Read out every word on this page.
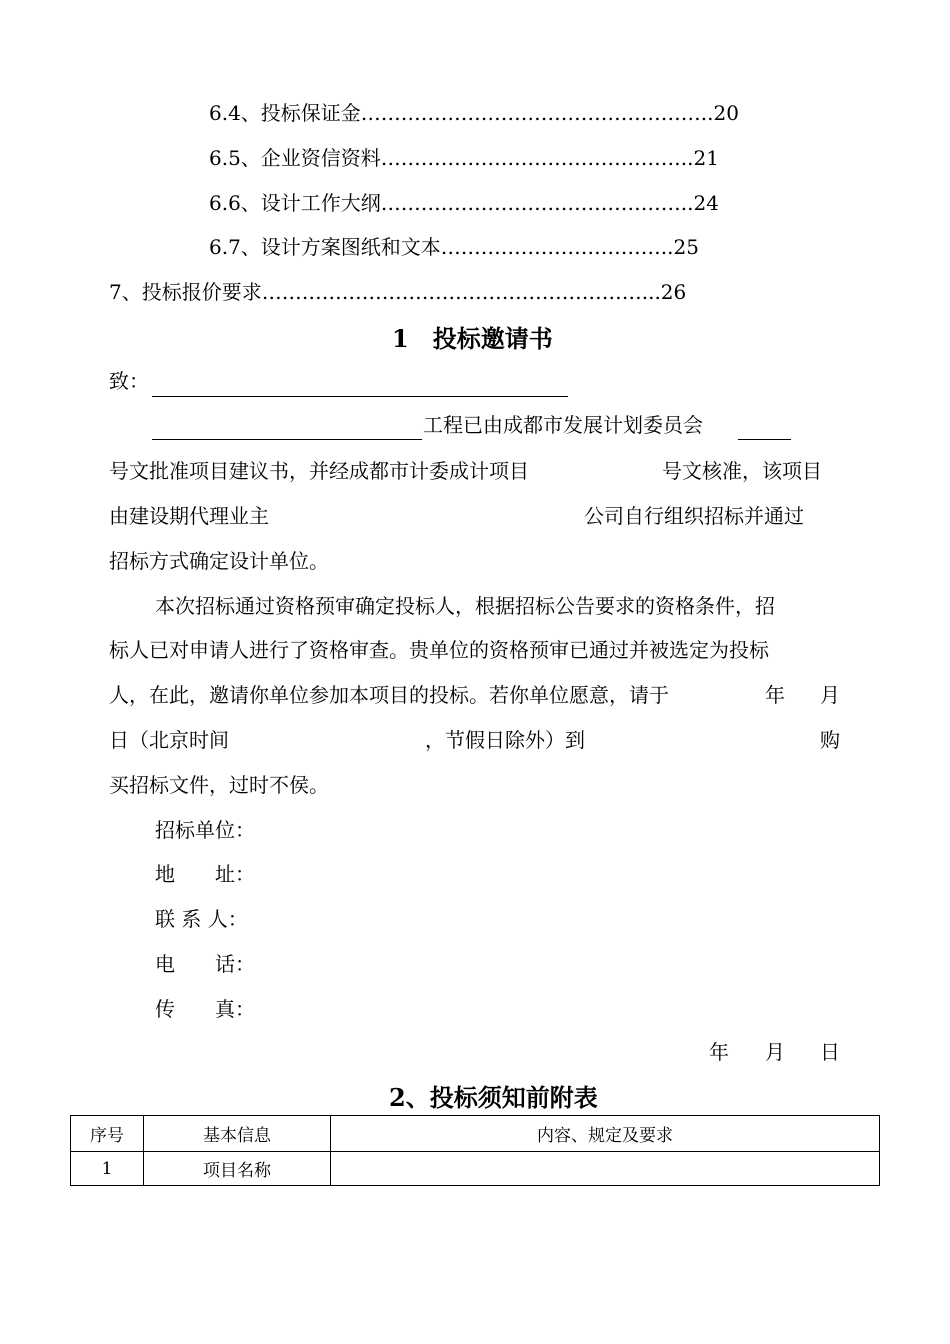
6.4、投标保证金……………………………………………..20
6.5、企业资信资料………………………………………..21
6.6、设计工作大纲………………………………………..24
6.7、设计方案图纸和文本……………………………..25
7、投标报价要求…………………………………………………...26
1　投标邀请书
致：
工程已由成都市发展计划委员会
号文批准项目建议书，并经成都市计委成计项目	号文核准，该项目
由建设期代理业主	公司自行组织招标并通过
招标方式确定设计单位。
本次招标通过资格预审确定投标人，根据招标公告要求的资格条件，招
标人已对申请人进行了资格审查。贵单位的资格预审已通过并被选定为投标
人，在此，邀请你单位参加本项目的投标。若你单位愿意，请于	年 月
日（北京时间	，节假日除外）到	购
买招标文件，过时不侯。
招标单位：
地　　址：
联 系 人：
电　　话：
传　　真：
年 月 日
2、投标须知前附表
序号	基本信息	内容、规定及要求
1	项目名称	
